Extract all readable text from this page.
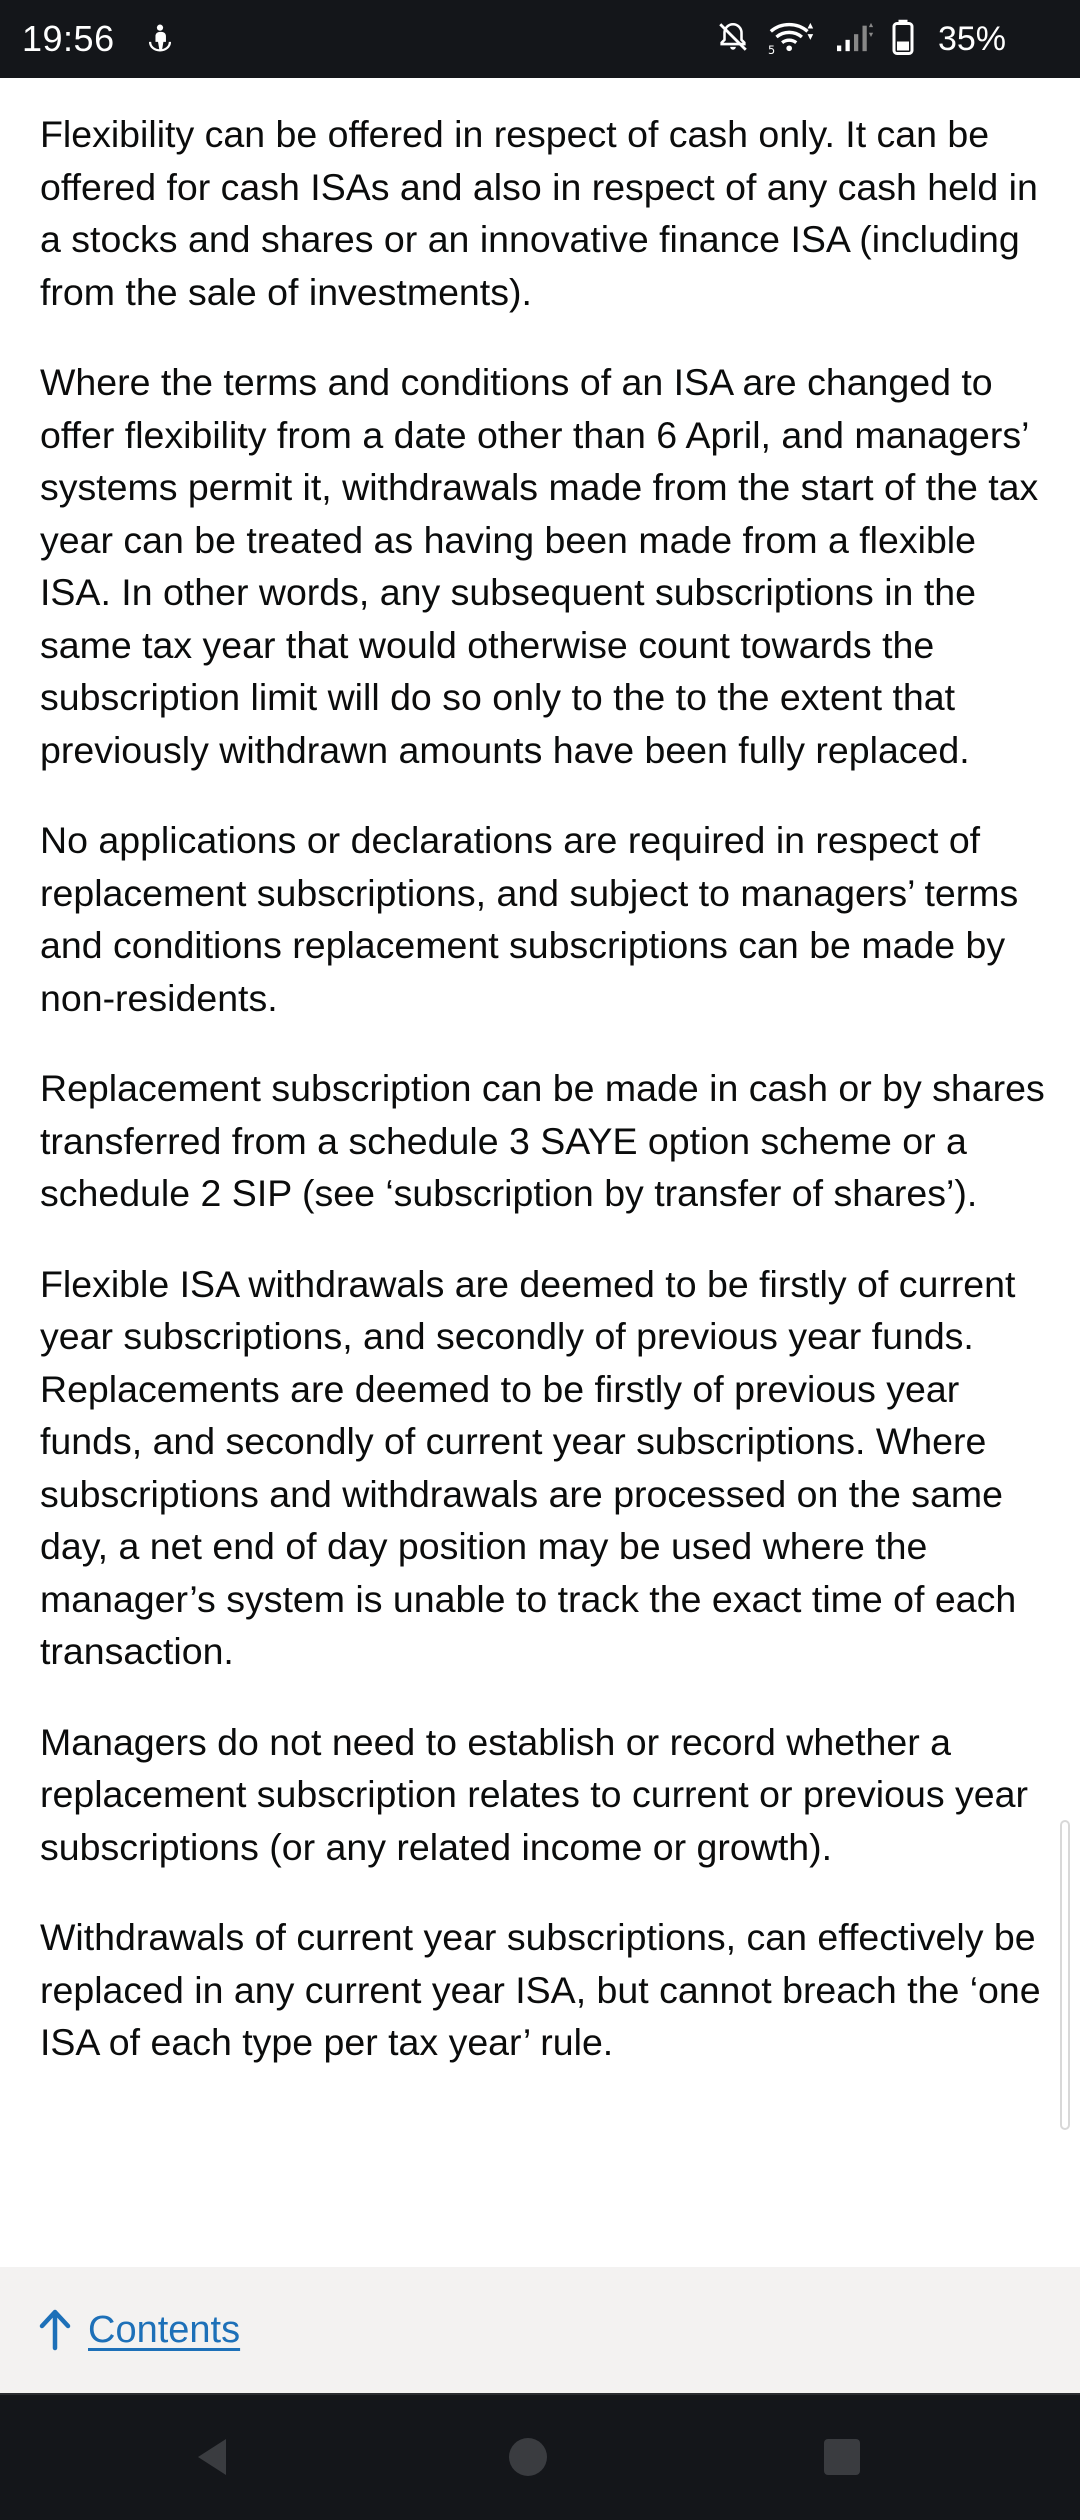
19:56	5	35%

Flexibility can be offered in respect of cash only. It can be offered for cash ISAs and also in respect of any cash held in a stocks and shares or an innovative finance ISA (including from the sale of investments).

Where the terms and conditions of an ISA are changed to offer flexibility from a date other than 6 April, and managers’ systems permit it, withdrawals made from the start of the tax year can be treated as having been made from a flexible ISA. In other words, any subsequent subscriptions in the same tax year that would otherwise count towards the subscription limit will do so only to the to the extent that previously withdrawn amounts have been fully replaced.

No applications or declarations are required in respect of replacement subscriptions, and subject to managers’ terms and conditions replacement subscriptions can be made by non-residents.

Replacement subscription can be made in cash or by shares transferred from a schedule 3 SAYE option scheme or a schedule 2 SIP (see ‘subscription by transfer of shares’).

Flexible ISA withdrawals are deemed to be firstly of current year subscriptions, and secondly of previous year funds. Replacements are deemed to be firstly of previous year funds, and secondly of current year subscriptions. Where subscriptions and withdrawals are processed on the same day, a net end of day position may be used where the manager’s system is unable to track the exact time of each transaction.

Managers do not need to establish or record whether a replacement subscription relates to current or previous year subscriptions (or any related income or growth).

Withdrawals of current year subscriptions, can effectively be replaced in any current year ISA, but cannot breach the ‘one ISA of each type per tax year’ rule.

Contents
